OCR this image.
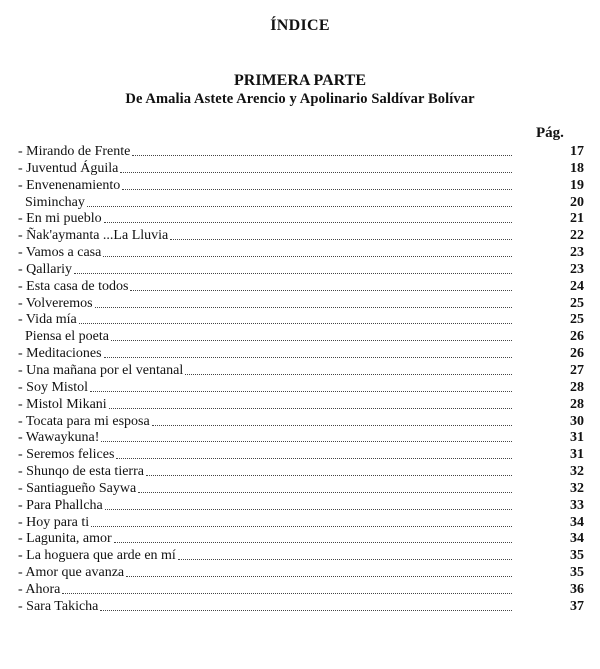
ÍNDICE
PRIMERA PARTE
De Amalia Astete Arencio y Apolinario Saldívar Bolívar
Pág.
- Mirando de Frente	17
- Juventud Águila	18
- Envenenamiento	19
Siminchay	20
- En mi pueblo	21
- Ñak'aymanta ...La Lluvia	22
- Vamos a casa	23
- Qallariy	23
- Esta casa de todos	24
- Volveremos	25
- Vida mía	25
Piensa el poeta	26
- Meditaciones	26
- Una mañana por el ventanal	27
- Soy Mistol	28
- Mistol Mikani	28
- Tocata para mi esposa	30
- Wawaykuna!	31
- Seremos felices	31
- Shunqo de esta tierra	32
- Santiagueño Saywa	32
- Para Phallcha	33
- Hoy para ti	34
- Lagunita, amor	34
- La hoguera que arde en mí	35
- Amor que avanza	35
- Ahora	36
- Sara Takicha	37
